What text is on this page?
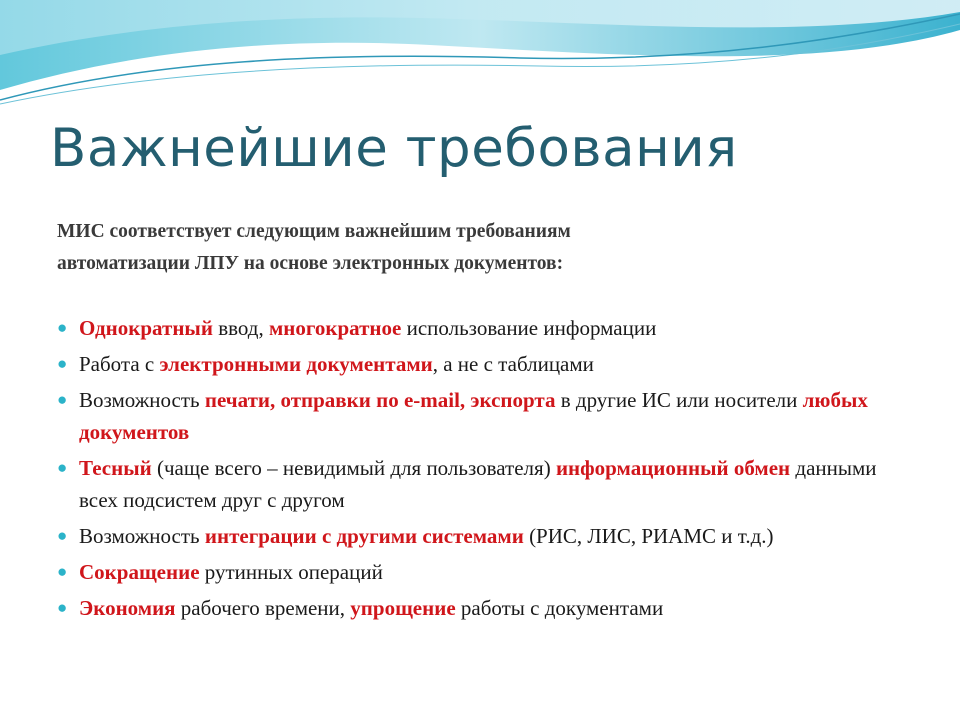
Важнейшие требования
МИС соответствует следующим важнейшим требованиям
автоматизации ЛПУ на основе электронных документов:
● Однократный ввод, многократное использование информации
● Работа с электронными документами, а не с таблицами
● Возможность печати, отправки по e-mail, экспорта в другие ИС или носители любых документов
● Тесный (чаще всего – невидимый для пользователя) информационный обмен данными всех подсистем друг с другом
● Возможность интеграции с другими системами (РИС, ЛИС, РИАМС и т.д.)
● Сокращение рутинных операций
● Экономия рабочего времени, упрощение работы с документами
